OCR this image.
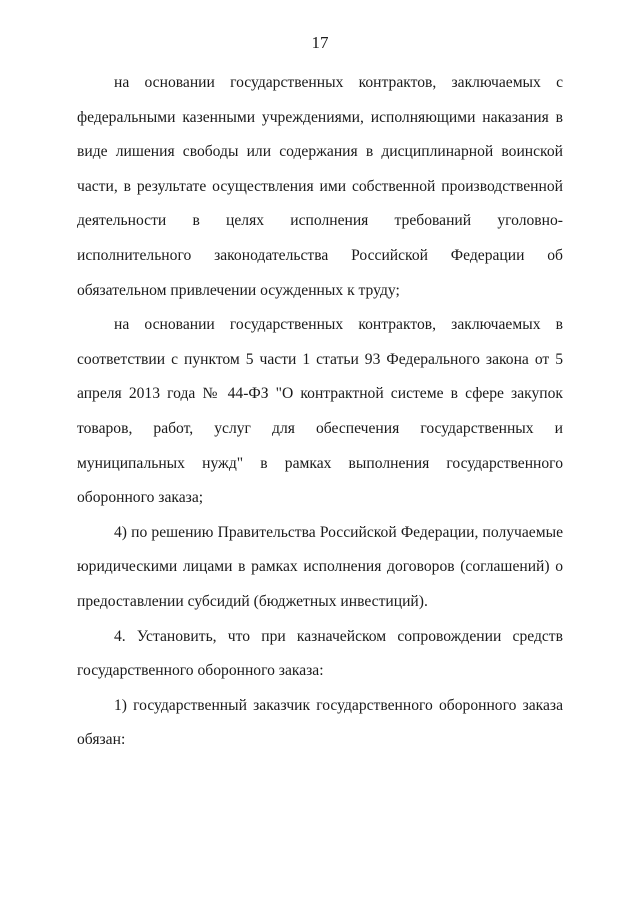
17

на основании государственных контрактов, заключаемых с федеральными казенными учреждениями, исполняющими наказания в виде лишения свободы или содержания в дисциплинарной воинской части, в результате осуществления ими собственной производственной деятельности в целях исполнения требований уголовно-исполнительного законодательства Российской Федерации об обязательном привлечении осужденных к труду;

на основании государственных контрактов, заключаемых в соответствии с пунктом 5 части 1 статьи 93 Федерального закона от 5 апреля 2013 года № 44-ФЗ "О контрактной системе в сфере закупок товаров, работ, услуг для обеспечения государственных и муниципальных нужд" в рамках выполнения государственного оборонного заказа;

4) по решению Правительства Российской Федерации, получаемые юридическими лицами в рамках исполнения договоров (соглашений) о предоставлении субсидий (бюджетных инвестиций).

4. Установить, что при казначейском сопровождении средств государственного оборонного заказа:

1) государственный заказчик государственного оборонного заказа обязан:
